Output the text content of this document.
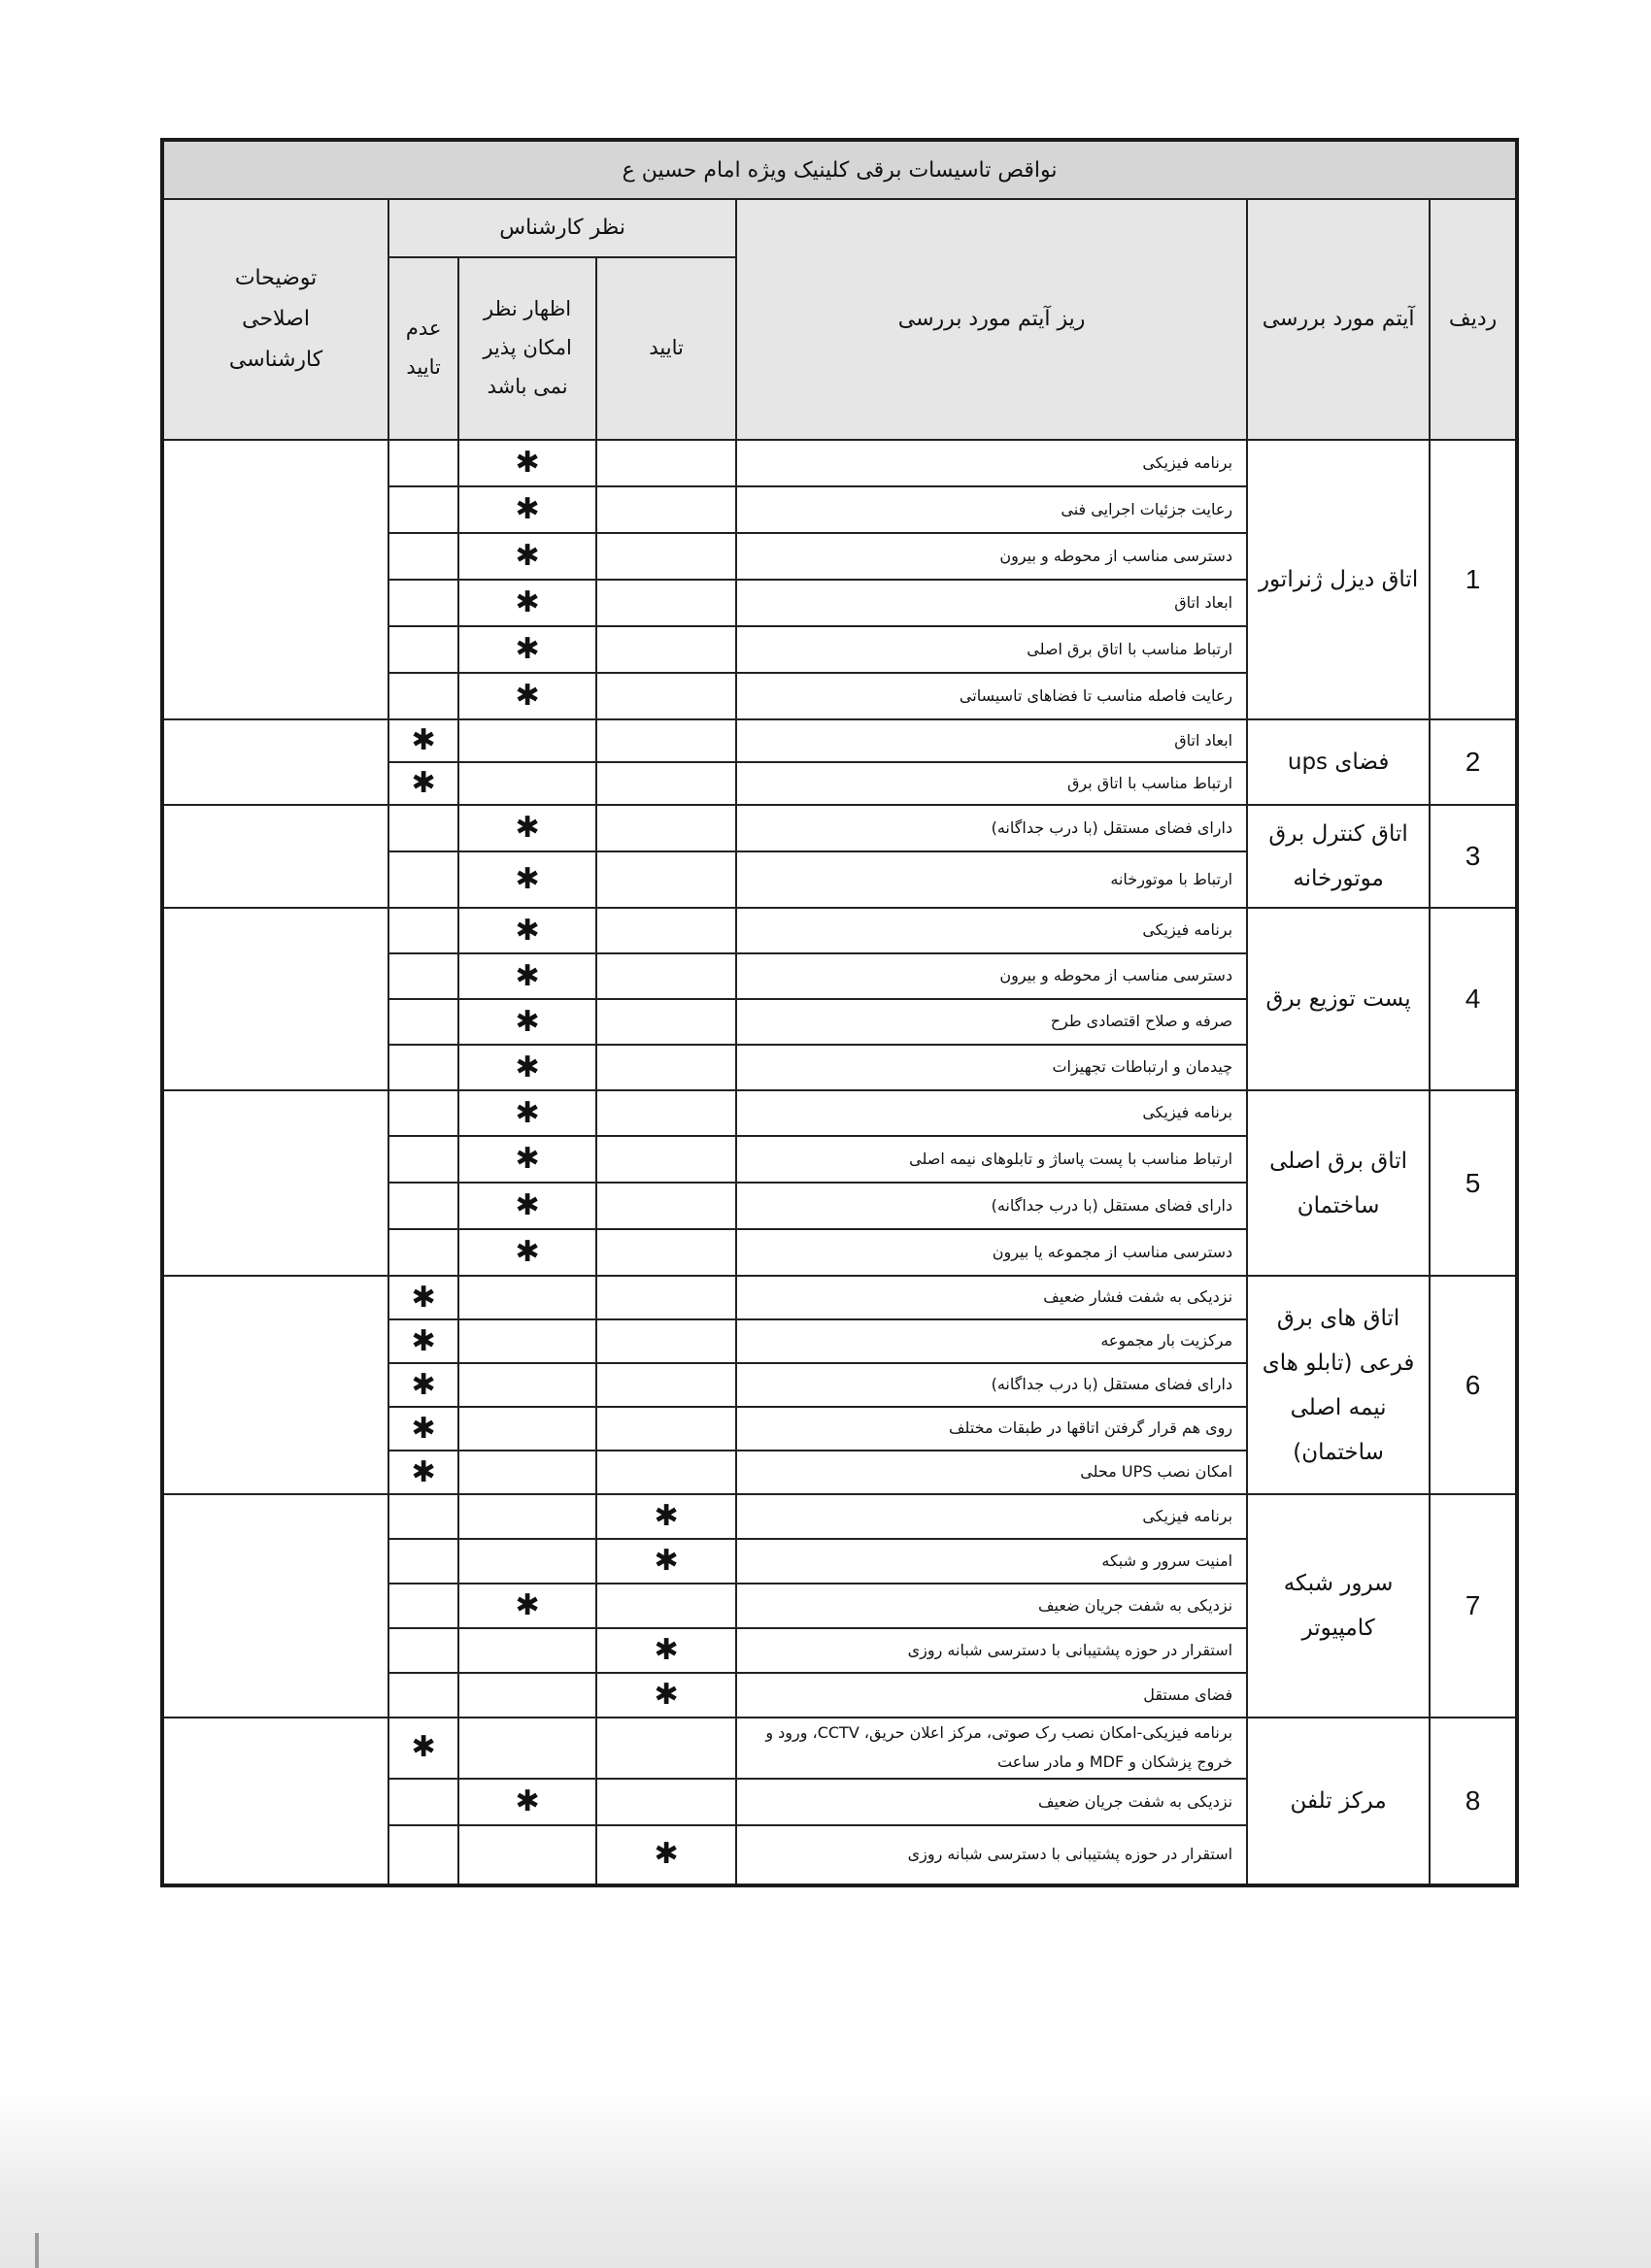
نواقص تاسیسات برقی کلینیک ویژه امام حسین ع						
ردیف	آیتم مورد بررسی	ریز آیتم مورد بررسی	نظر کارشناس			توضیحات اصلاحی کارشناسی

			تایید	اظهار نظر امکان پذیر نمی باشد	عدم تایید	

1	اتاق دیزل ژنراتور	برنامه فیزیکی		✱		
		رعایت جزئیات اجرایی فنی		✱		
		دسترسی مناسب از محوطه و بیرون		✱		
		ابعاد اتاق		✱		
		ارتباط مناسب با اتاق برق اصلی		✱		
		رعایت فاصله مناسب تا فضاهای تاسیساتی		✱		
2	فضای ups	ابعاد اتاق			✱	
		ارتباط مناسب با اتاق برق			✱	
3	اتاق کنترل برق موتورخانه	دارای فضای مستقل (با درب جداگانه)		✱		
		ارتباط با موتورخانه		✱		
4	پست توزیع برق	برنامه فیزیکی		✱		
		دسترسی مناسب از محوطه و بیرون		✱		
		صرفه و صلاح اقتصادی طرح		✱		
		چیدمان و ارتباطات تجهیزات		✱		
5	اتاق برق اصلی ساختمان	برنامه فیزیکی		✱		
		ارتباط مناسب با پست پاساژ و تابلوهای نیمه اصلی		✱		
		دارای فضای مستقل (با درب جداگانه)		✱		
		دسترسی مناسب از مجموعه یا بیرون		✱		
6	اتاق های برق فرعی (تابلو های نیمه اصلی ساختمان)	نزدیکی به شفت فشار ضعیف			✱	
		مرکزیت بار مجموعه			✱	
		دارای فضای مستقل (با درب جداگانه)			✱	
		روی هم قرار گرفتن اتاقها در طبقات مختلف			✱	
		امکان نصب UPS محلی			✱	
7	سرور شبکه کامپیوتر	برنامه فیزیکی	✱			
		امنیت سرور و شبکه	✱			
		نزدیکی به شفت جریان ضعیف		✱		
		استقرار در حوزه پشتیبانی با دسترسی شبانه روزی	✱			
		فضای مستقل	✱			
8	مرکز تلفن	برنامه فیزیکی-امکان نصب رک صوتی، مرکز اعلان حریق، CCTV، ورود و خروج پزشکان و MDF و مادر ساعت			✱	
		نزدیکی به شفت جریان ضعیف		✱		
		استقرار در حوزه پشتیبانی با دسترسی شبانه روزی	✱			
